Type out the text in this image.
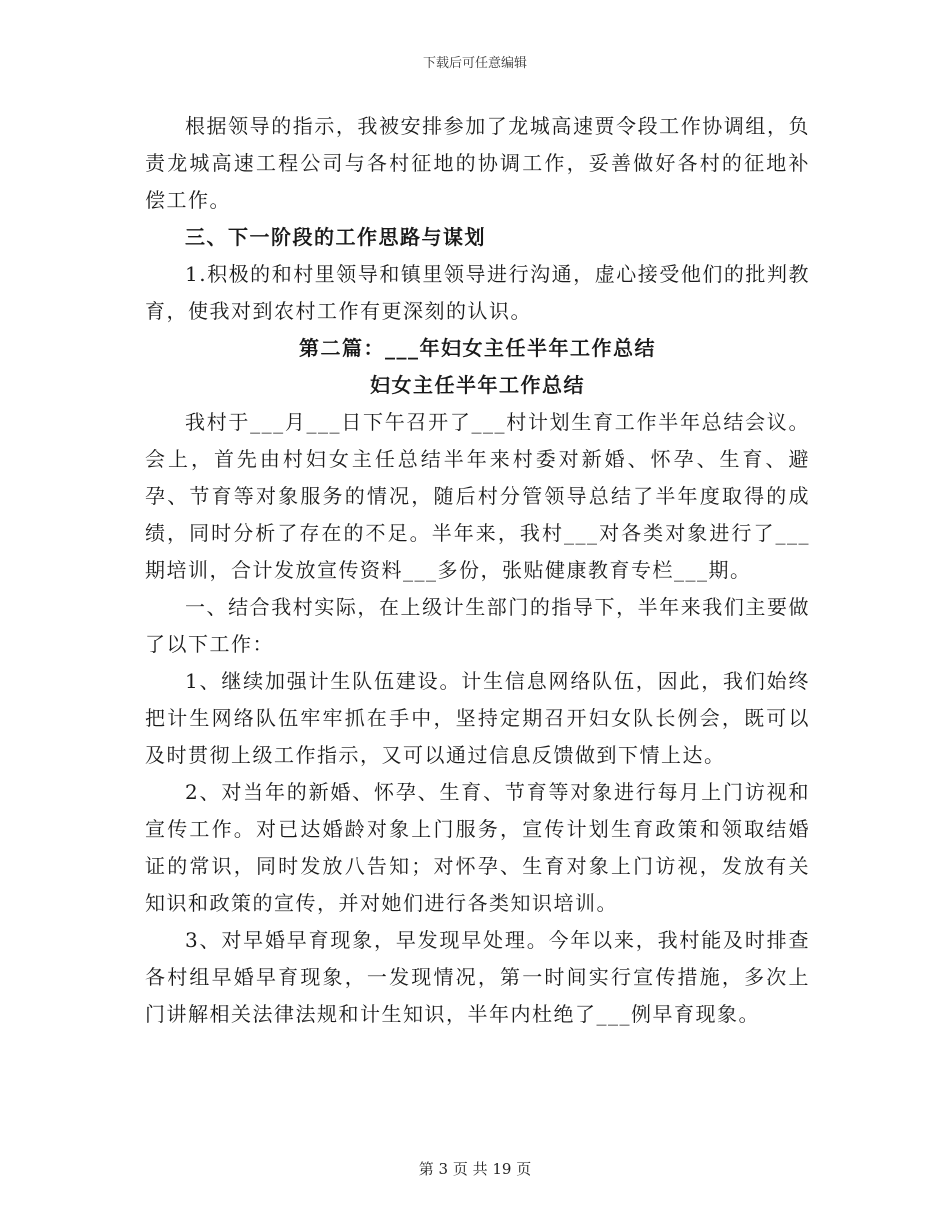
下载后可任意编辑

根据领导的指示，我被安排参加了龙城高速贾令段工作协调组，负责龙城高速工程公司与各村征地的协调工作，妥善做好各村的征地补偿工作。

三、下一阶段的工作思路与谋划

1.积极的和村里领导和镇里领导进行沟通，虚心接受他们的批判教育，使我对到农村工作有更深刻的认识。

第二篇：___年妇女主任半年工作总结

妇女主任半年工作总结

我村于___月___日下午召开了___村计划生育工作半年总结会议。会上，首先由村妇女主任总结半年来村委对新婚、怀孕、生育、避孕、节育等对象服务的情况，随后村分管领导总结了半年度取得的成绩，同时分析了存在的不足。半年来，我村___对各类对象进行了___期培训，合计发放宣传资料___多份，张贴健康教育专栏___期。

一、结合我村实际，在上级计生部门的指导下，半年来我们主要做了以下工作：

1、继续加强计生队伍建设。计生信息网络队伍，因此，我们始终把计生网络队伍牢牢抓在手中，坚持定期召开妇女队长例会，既可以及时贯彻上级工作指示，又可以通过信息反馈做到下情上达。

2、对当年的新婚、怀孕、生育、节育等对象进行每月上门访视和宣传工作。对已达婚龄对象上门服务，宣传计划生育政策和领取结婚证的常识，同时发放八告知；对怀孕、生育对象上门访视，发放有关知识和政策的宣传，并对她们进行各类知识培训。

3、对早婚早育现象，早发现早处理。今年以来，我村能及时排查各村组早婚早育现象，一发现情况，第一时间实行宣传措施，多次上门讲解相关法律法规和计生知识，半年内杜绝了___例早育现象。

第 3 页 共 19 页
